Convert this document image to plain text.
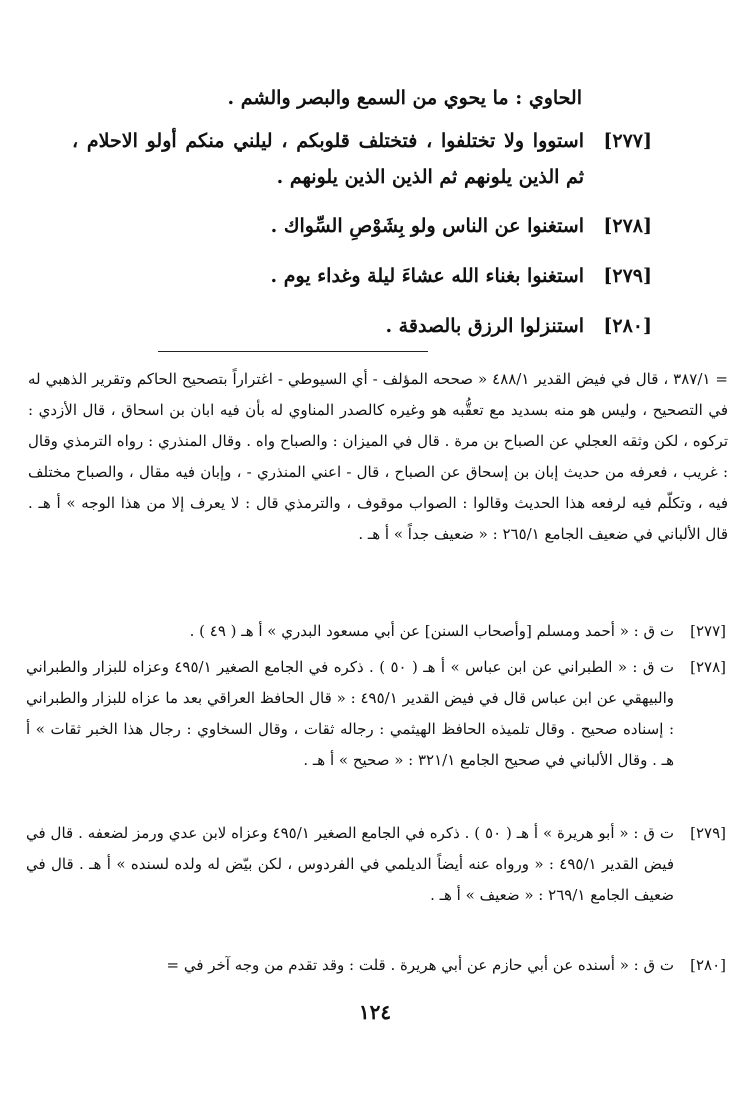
الحاوي : ما يحوي من السمع والبصر والشم .
[٢٧٧]
استووا ولا تختلفوا ، فتختلف قلوبكم ، ليلني منكم أولو الاحلام ، ثم الذين يلونهم ثم الذين الذين يلونهم .
[٢٧٨]
استغنوا عن الناس ولو بِشَوْصِ السِّواك .
[٢٧٩]
استغنوا بغناء الله عشاءَ ليلة وغداء يوم .
[٢٨٠]
استنزلوا الرزق بالصدقة .
= ٣٨٧/١ ، قال في فيض القدير ٤٨٨/١ « صححه المؤلف - أي السيوطي - اغتراراً بتصحيح الحاكم وتقرير الذهبي له في التصحيح ، وليس هو منه بسديد مع تعقُّبه هو وغيره كالصدر المناوي له بأن فيه ابان بن اسحاق ، قال الأزدي : تركوه ، لكن وثقه العجلي عن الصباح بن مرة . قال في الميزان : والصباح واه . وقال المنذري : رواه الترمذي وقال : غريب ، فعرفه من حديث إبان بن إسحاق عن الصباح ، قال - اعني المنذري - ، وإبان فيه مقال ، والصباح مختلف فيه ، وتكلّم فيه لرفعه هذا الحديث وقالوا : الصواب موقوف ، والترمذي قال : لا يعرف إلا من هذا الوجه » أ هـ . قال الألباني في ضعيف الجامع ٢٦٥/١ : « ضعيف جداً » أ هـ .
[٢٧٧]
ت ق : « أحمد ومسلم [وأصحاب السنن] عن أبي مسعود البدري » أ هـ ( ٤٩ ) .
[٢٧٨]
ت ق : « الطبراني عن ابن عباس » أ هـ ( ٥٠ ) . ذكره في الجامع الصغير ٤٩٥/١ وعزاه للبزار والطبراني والبيهقي عن ابن عباس قال في فيض القدير ٤٩٥/١ : « قال الحافظ العراقي بعد ما عزاه للبزار والطبراني : إسناده صحيح . وقال تلميذه الحافظ الهيثمي : رجاله ثقات ، وقال السخاوي : رجال هذا الخبر ثقات » أ هـ . وقال الألباني في صحيح الجامع ٣٢١/١ : « صحيح » أ هـ .
[٢٧٩]
ت ق : « أبو هريرة » أ هـ ( ٥٠ ) . ذكره في الجامع الصغير ٤٩٥/١ وعزاه لابن عدي ورمز لضعفه . قال في فيض القدير ٤٩٥/١ : « ورواه عنه أيضاً الديلمي في الفردوس ، لكن بيّض له ولده لسنده » أ هـ . قال في ضعيف الجامع ٢٦٩/١ : « ضعيف » أ هـ .
[٢٨٠]
ت ق : « أسنده عن أبي حازم عن أبي هريرة . قلت : وقد تقدم من وجه آخر في =
١٢٤
